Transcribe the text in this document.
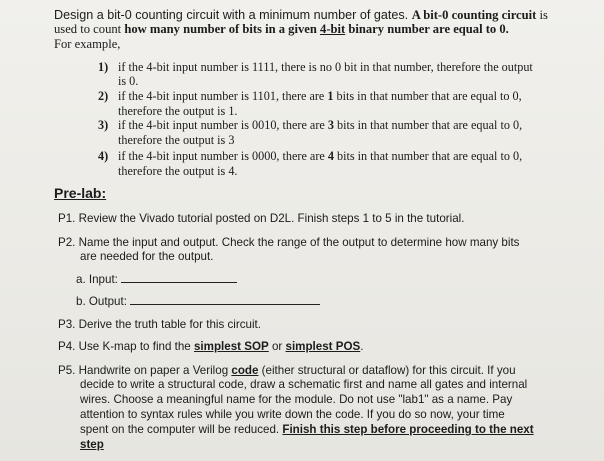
Design a bit-0 counting circuit with a minimum number of gates. A bit-0 counting circuit is
used to count how many number of bits in a given 4-bit binary number are equal to 0.
For example,
1) if the 4-bit input number is 1111, there is no 0 bit in that number, therefore the output
is 0.
2) if the 4-bit input number is 1101, there are 1 bits in that number that are equal to 0,
therefore the output is 1.
3) if the 4-bit input number is 0010, there are 3 bits in that number that are equal to 0,
therefore the output is 3
4) if the 4-bit input number is 0000, there are 4 bits in that number that are equal to 0,
therefore the output is 4.
Pre-lab:
P1. Review the Vivado tutorial posted on D2L. Finish steps 1 to 5 in the tutorial.
P2. Name the input and output. Check the range of the output to determine how many bits
are needed for the output.
a. Input:
b. Output:
P3. Derive the truth table for this circuit.
P4. Use K-map to find the simplest SOP or simplest POS.
P5. Handwrite on paper a Verilog code (either structural or dataflow) for this circuit. If you
decide to write a structural code, draw a schematic first and name all gates and internal
wires. Choose a meaningful name for the module. Do not use "lab1" as a name. Pay
attention to syntax rules while you write down the code. If you do so now, your time
spent on the computer will be reduced. Finish this step before proceeding to the next
step
